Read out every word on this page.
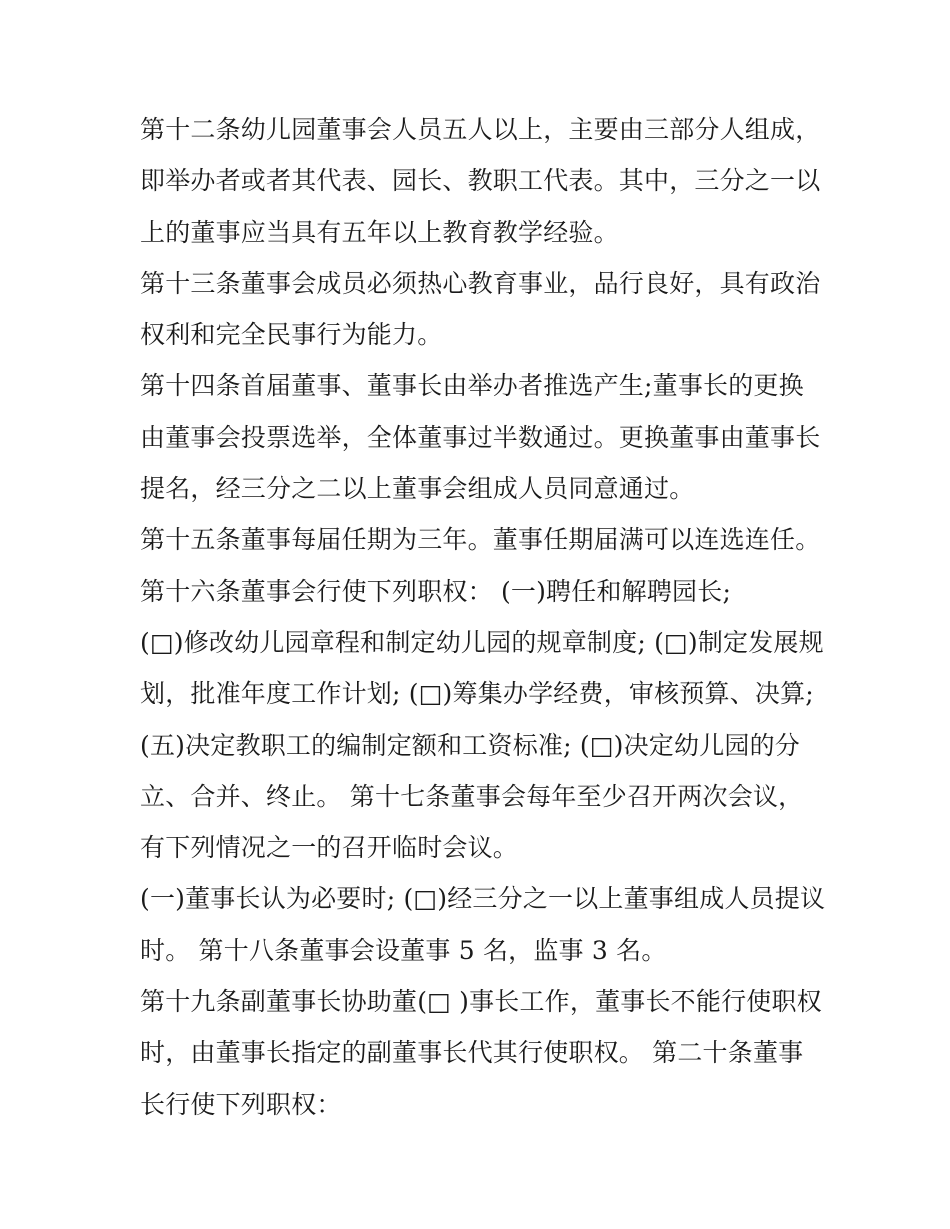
第十二条幼儿园董事会人员五人以上，主要由三部分人组成，
即举办者或者其代表、园长、教职工代表。其中，三分之一以
上的董事应当具有五年以上教育教学经验。
第十三条董事会成员必须热心教育事业，品行良好，具有政治
权利和完全民事行为能力。
第十四条首届董事、董事长由举办者推选产生;董事长的更换
由董事会投票选举，全体董事过半数通过。更换董事由董事长
提名，经三分之二以上董事会组成人员同意通过。
第十五条董事每届任期为三年。董事任期届满可以连选连任。
第十六条董事会行使下列职权： (一)聘任和解聘园长;
(□)修改幼儿园章程和制定幼儿园的规章制度; (□)制定发展规
划，批准年度工作计划; (□)筹集办学经费，审核预算、决算;
(五)决定教职工的编制定额和工资标准; (□)决定幼儿园的分
立、合并、终止。 第十七条董事会每年至少召开两次会议，
有下列情况之一的召开临时会议。
(一)董事长认为必要时; (□)经三分之一以上董事组成人员提议
时。 第十八条董事会设董事 5 名，监事 3 名。
第十九条副董事长协助董(□ )事长工作，董事长不能行使职权
时，由董事长指定的副董事长代其行使职权。 第二十条董事
长行使下列职权：
